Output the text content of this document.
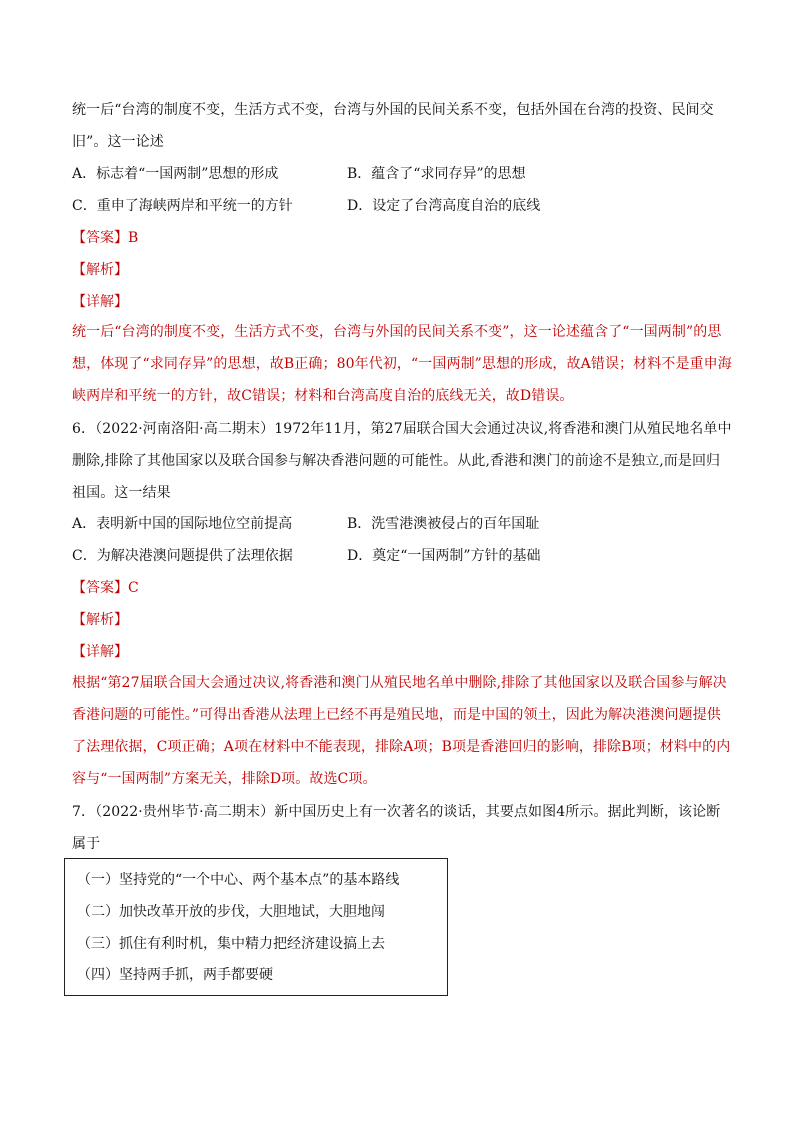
统一后“台湾的制度不变，生活方式不变，台湾与外国的民间关系不变，包括外国在台湾的投资、民间交旧”。这一论述
A．标志着“一国两制”思想的形成	B．蕴含了“求同存异”的思想
C．重申了海峡两岸和平统一的方针	D．设定了台湾高度自治的底线
【答案】B
【解析】
【详解】
统一后“台湾的制度不变，生活方式不变，台湾与外国的民间关系不变”，这一论述蕴含了“一国两制”的思想，体现了“求同存异”的思想，故B正确；80年代初，“一国两制”思想的形成，故A错误；材料不是重申海峡两岸和平统一的方针，故C错误；材料和台湾高度自治的底线无关，故D错误。
6．（2022·河南洛阳·高二期末）1972年11月，第27届联合国大会通过决议,将香港和澳门从殖民地名单中删除,排除了其他国家以及联合国参与解决香港问题的可能性。从此,香港和澳门的前途不是独立,而是回归祖国。这一结果
A．表明新中国的国际地位空前提高	B．洗雪港澳被侵占的百年国耻
C．为解决港澳问题提供了法理依据	D．奠定“一国两制”方针的基础
【答案】C
【解析】
【详解】
根据“第27届联合国大会通过决议,将香港和澳门从殖民地名单中删除,排除了其他国家以及联合国参与解决香港问题的可能性。”可得出香港从法理上已经不再是殖民地，而是中国的领土，因此为解决港澳问题提供了法理依据，C项正确；A项在材料中不能表现，排除A项；B项是香港回归的影响，排除B项；材料中的内容与“一国两制”方案无关，排除D项。故选C项。
7．（2022·贵州毕节·高二期末）新中国历史上有一次著名的谈话，其要点如图4所示。据此判断，该论断属于
（一）坚持党的“一个中心、两个基本点”的基本路线
（二）加快改革开放的步伐，大胆地试，大胆地闯
（三）抓住有利时机，集中精力把经济建设搞上去
（四）坚持两手抓，两手都要硬
